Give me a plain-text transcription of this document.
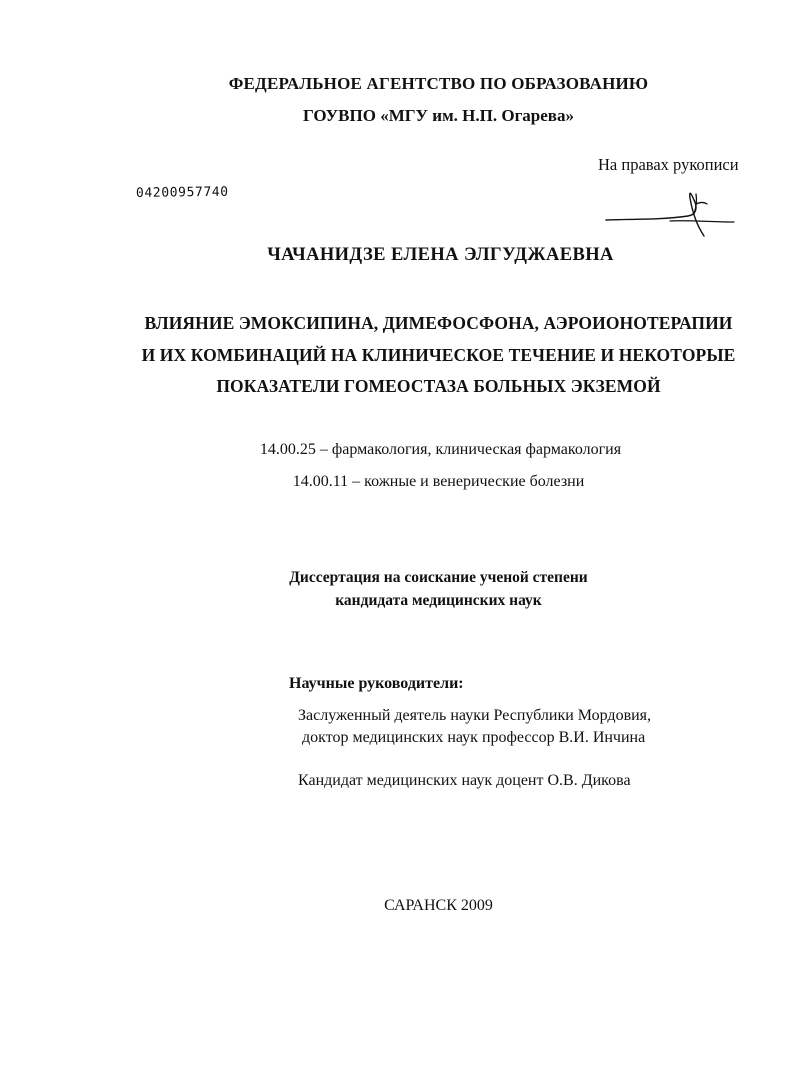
ФЕДЕРАЛЬНОЕ АГЕНТСТВО ПО ОБРАЗОВАНИЮ
ГОУВПО «МГУ им. Н.П. Огарева»
На правах рукописи
04200957740
ЧАЧАНИДЗЕ ЕЛЕНА ЭЛГУДЖАЕВНА
ВЛИЯНИЕ ЭМОКСИПИНА, ДИМЕФОСФОНА, АЭРОИОНОТЕРАПИИ
И ИХ КОМБИНАЦИЙ НА КЛИНИЧЕСКОЕ ТЕЧЕНИЕ И НЕКОТОРЫЕ
ПОКАЗАТЕЛИ ГОМЕОСТАЗА БОЛЬНЫХ ЭКЗЕМОЙ
14.00.25 – фармакология, клиническая фармакология
14.00.11 – кожные и венерические болезни
Диссертация на соискание ученой степени
кандидата медицинских наук
Научные руководители:
Заслуженный деятель науки Республики Мордовия,
доктор медицинских наук профессор В.И. Инчина
Кандидат медицинских наук доцент О.В. Дикова
САРАНСК 2009
